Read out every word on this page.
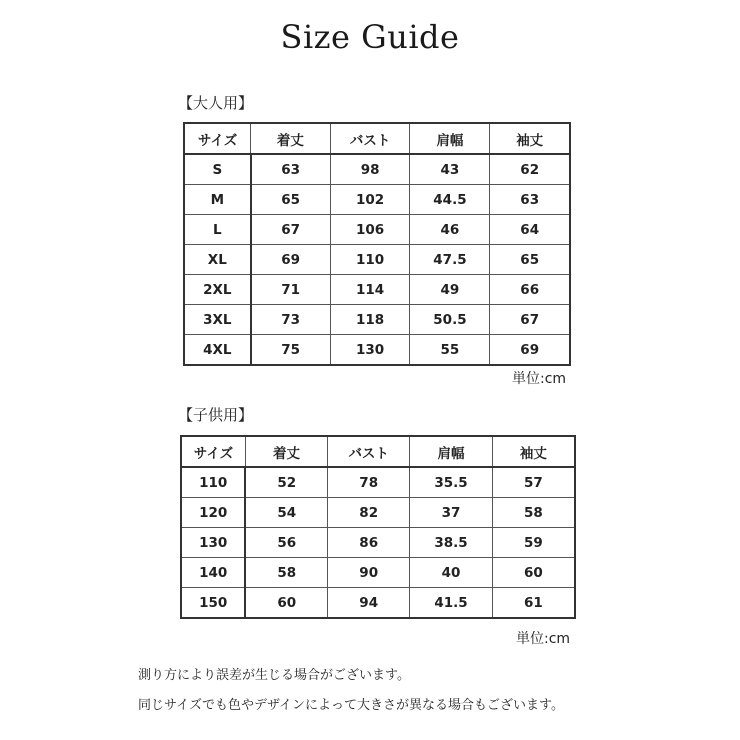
Size Guide
【大人用】
サイズ	着丈	バスト	肩幅	袖丈
S	63	98	43	62
M	65	102	44.5	63
L	67	106	46	64
XL	69	110	47.5	65
2XL	71	114	49	66
3XL	73	118	50.5	67
4XL	75	130	55	69
単位:cm
【子供用】
サイズ	着丈	バスト	肩幅	袖丈
110	52	78	35.5	57
120	54	82	37	58
130	56	86	38.5	59
140	58	90	40	60
150	60	94	41.5	61
単位:cm
測り方により誤差が生じる場合がございます。
同じサイズでも色やデザインによって大きさが異なる場合もございます。
